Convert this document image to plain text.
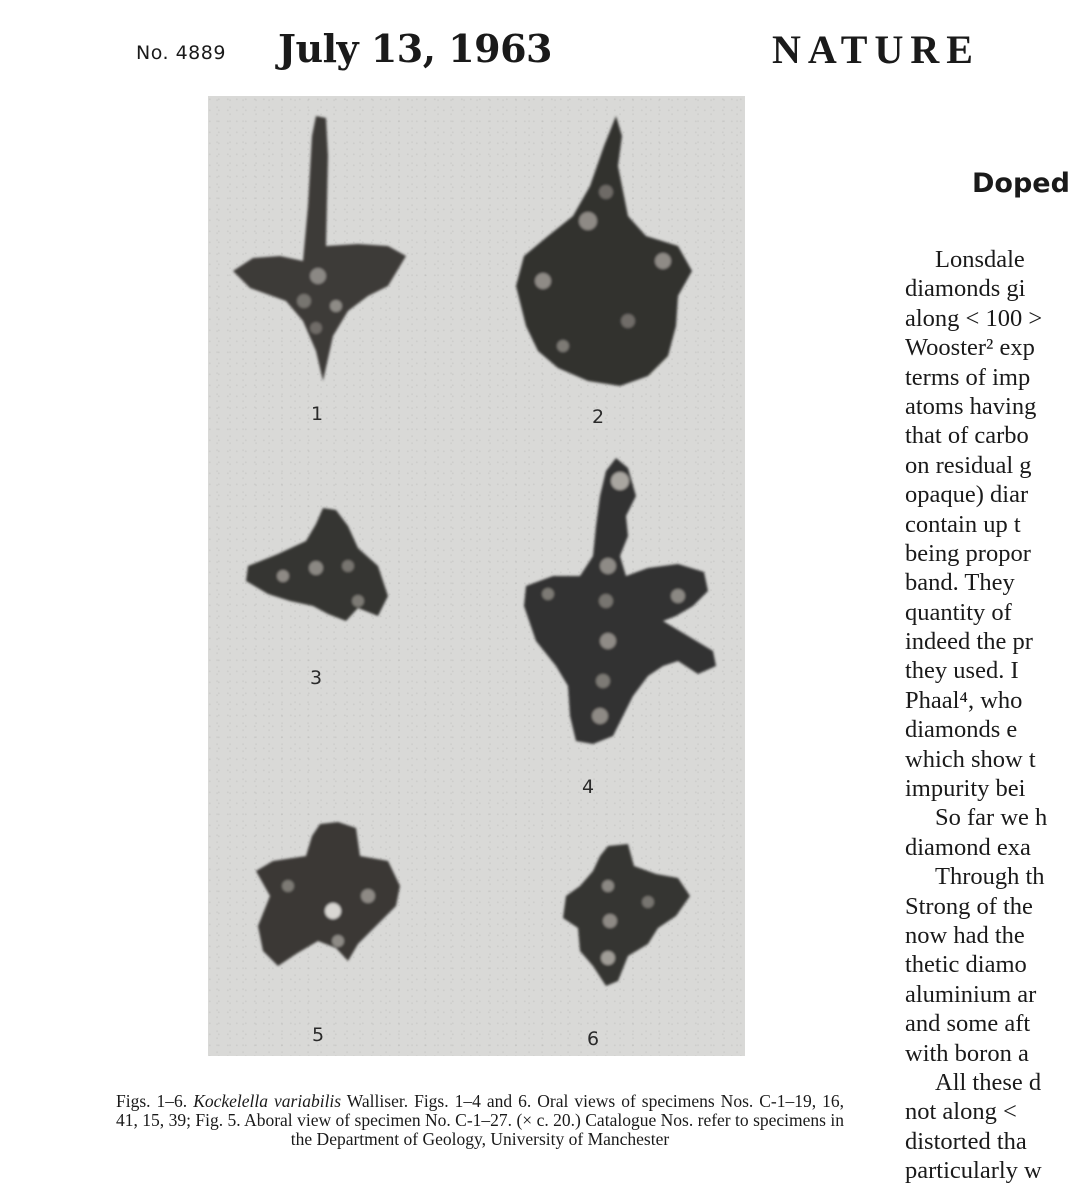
No. 4889 July 13, 1963	NATURE
1	2
3
4
5	6
Figs. 1–6. Kockelella variabilis Walliser. Figs. 1–4 and 6. Oral views of specimens Nos. C-1–19, 16, 41, 15, 39; Fig. 5. Aboral view of specimen No. C-1–27. (× c. 20.) Catalogue Nos. refer to specimens in the Department of Geology, University of Manchester
Doped
Lonsdale
diamonds gi
along < 100 >
Wooster² exp
terms of imp
atoms having
that of carbo
on residual g
opaque) diar
contain up t
being propor
band. They
quantity of
indeed the pr
they used. I
Phaal⁴, who
diamonds e
which show t
impurity bei
So far we h
diamond exa
Through th
Strong of the
now had the
thetic diamo
aluminium ar
and some aft
with boron a
All these d
not along <
distorted tha
particularly w
